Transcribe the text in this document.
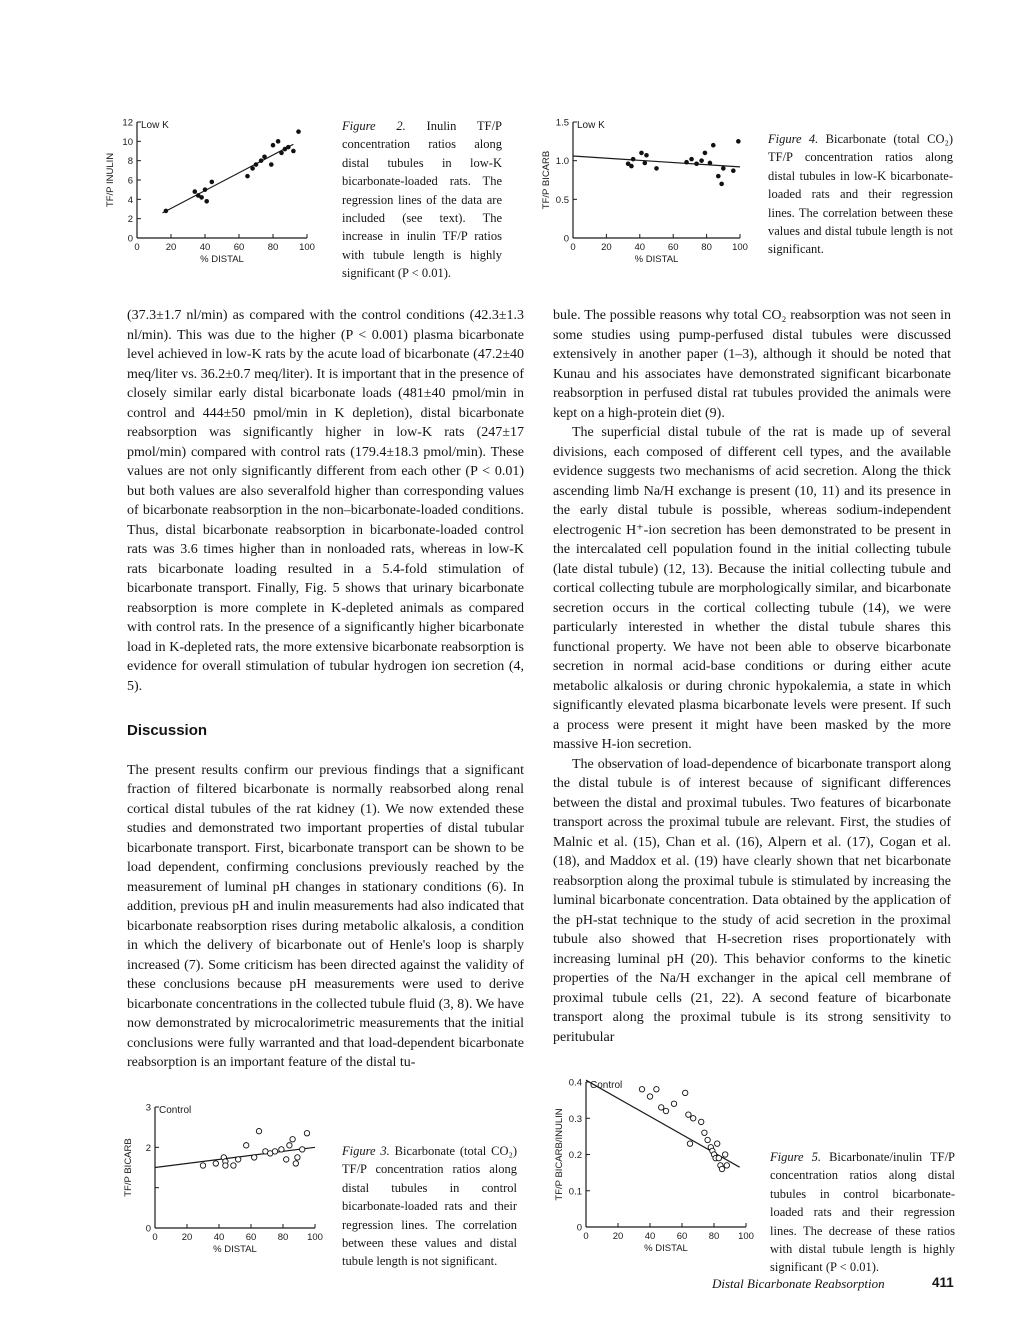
0	20 40 60 80 100
0
2
4
6
8
10
12
% DISTAL
TF/P INULIN
Low K	Figure 2. Inulin TF/P concentration ratios along distal tubules in low-K bicarbonate-loaded rats. The regression lines of the data are included (see text). The increase in inulin TF/P ratios with tubule length is highly significant (P < 0.01).
0	20 40 60 80 100
0
0.5
1.0
1.5
% DISTAL
TF/P BICARB
Low K
Figure 4. Bicarbonate (total CO₂) TF/P concentration ratios along distal tubules in low-K bicarbonate-loaded rats and their regression lines. The correlation between these values and distal tubule length is not significant.

(37.3±1.7 nl/min) as compared with the control conditions (42.3±1.3 nl/min). This was due to the higher (P < 0.001) plasma bicarbonate level achieved in low-K rats by the acute load of bicarbonate (47.2±40 meq/liter vs. 36.2±0.7 meq/liter). It is important that in the presence of closely similar early distal bicarbonate loads (481±40 pmol/min in control and 444±50 pmol/min in K depletion), distal bicarbonate reabsorption was significantly higher in low-K rats (247±17 pmol/min) compared with control rats (179.4±18.3 pmol/min). These values are not only significantly different from each other (P < 0.01) but both values are also severalfold higher than corresponding values of bicarbonate reabsorption in the non–bicarbonate-loaded conditions. Thus, distal bicarbonate reabsorption in bicarbonate-loaded control rats was 3.6 times higher than in nonloaded rats, whereas in low-K rats bicarbonate loading resulted in a 5.4-fold stimulation of bicarbonate transport. Finally, Fig. 5 shows that urinary bicarbonate reabsorption is more complete in K-depleted animals as compared with control rats. In the presence of a significantly higher bicarbonate load in K-depleted rats, the more extensive bicarbonate reabsorption is evidence for overall stimulation of tubular hydrogen ion secretion (4, 5).

Discussion

The present results confirm our previous findings that a significant fraction of filtered bicarbonate is normally reabsorbed along renal cortical distal tubules of the rat kidney (1). We now extended these studies and demonstrated two important properties of distal tubular bicarbonate transport. First, bicarbonate transport can be shown to be load dependent, confirming conclusions previously reached by the measurement of luminal pH changes in stationary conditions (6). In addition, previous pH and inulin measurements had also indicated that bicarbonate reabsorption rises during metabolic alkalosis, a condition in which the delivery of bicarbonate out of Henle's loop is sharply increased (7). Some criticism has been directed against the validity of these conclusions because pH measurements were used to derive bicarbonate concentrations in the collected tubule fluid (3, 8). We have now demonstrated by microcalorimetric measurements that the initial conclusions were fully warranted and that load-dependent bicarbonate reabsorption is an important feature of the distal tu-

bule. The possible reasons why total CO₂ reabsorption was not seen in some studies using pump-perfused distal tubules were discussed extensively in another paper (1–3), although it should be noted that Kunau and his associates have demonstrated significant bicarbonate reabsorption in perfused distal rat tubules provided the animals were kept on a high-protein diet (9).

The superficial distal tubule of the rat is made up of several divisions, each composed of different cell types, and the available evidence suggests two mechanisms of acid secretion. Along the thick ascending limb Na/H exchange is present (10, 11) and its presence in the early distal tubule is possible, whereas sodium-independent electrogenic H⁺-ion secretion has been demonstrated to be present in the intercalated cell population found in the initial collecting tubule (late distal tubule) (12, 13). Because the initial collecting tubule and cortical collecting tubule are morphologically similar, and bicarbonate secretion occurs in the cortical collecting tubule (14), we were particularly interested in whether the distal tubule shares this functional property. We have not been able to observe bicarbonate secretion in normal acid-base conditions or during either acute metabolic alkalosis or during chronic hypokalemia, a state in which significantly elevated plasma bicarbonate levels were present. If such a process were present it might have been masked by the more massive H-ion secretion.

The observation of load-dependence of bicarbonate transport along the distal tubule is of interest because of significant differences between the distal and proximal tubules. Two features of bicarbonate transport across the proximal tubule are relevant. First, the studies of Malnic et al. (15), Chan et al. (16), Alpern et al. (17), Cogan et al. (18), and Maddox et al. (19) have clearly shown that net bicarbonate reabsorption along the proximal tubule is stimulated by increasing the luminal bicarbonate concentration. Data obtained by the application of the pH-stat technique to the study of acid secretion in the proximal tubule also showed that H-secretion rises proportionately with increasing luminal pH (20). This behavior conforms to the kinetic properties of the Na/H exchanger in the apical cell membrane of proximal tubule cells (21, 22). A second feature of bicarbonate transport along the proximal tubule is its strong sensitivity to peritubular

0	20 40 60 80 100
0
2
3
% DISTAL
TF/P BICARB
Control
Figure 3. Bicarbonate (total CO₂) TF/P concentration ratios along distal tubules in control bicarbonate-loaded rats and their regression lines. The correlation between these values and distal tubule length is not significant.
0	20 40 60 80 100
0
0.1
0.2
0.3
0.4
% DISTAL
TF/P BICARB/INULIN
Control
Figure 5. Bicarbonate/inulin TF/P concentration ratios along distal tubules in control bicarbonate-loaded rats and their regression lines. The decrease of these ratios with distal tubule length is highly significant (P < 0.01).
Distal Bicarbonate Reabsorption	411
